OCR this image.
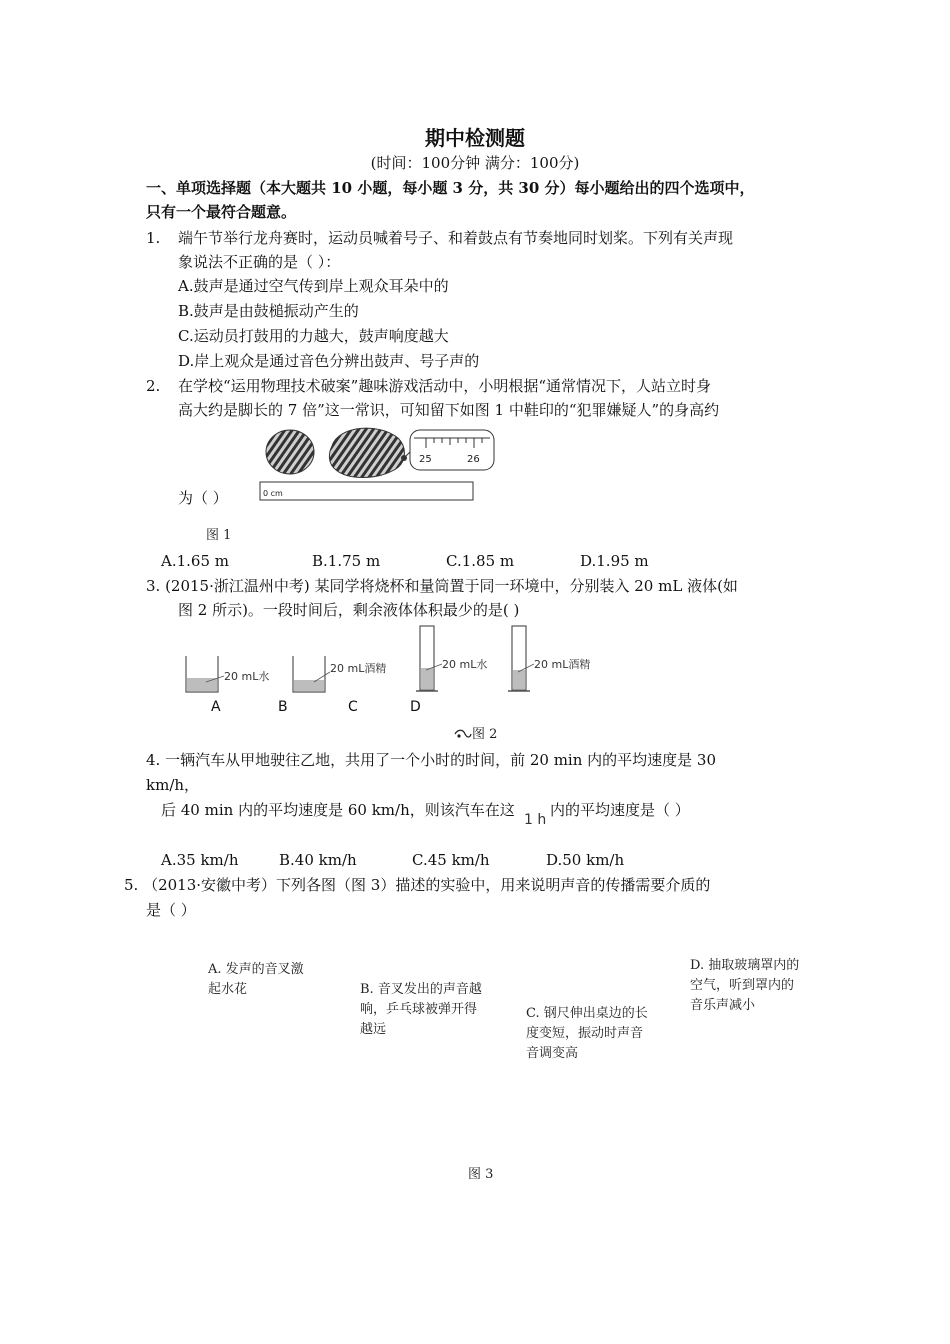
期中检测题
(时间：100分钟 满分：100分)
一、单项选择题（本大题共 10 小题，每小题 3 分，共 30 分）每小题给出的四个选项中，
只有一个最符合题意。
1. 端午节举行龙舟赛时，运动员喊着号子、和着鼓点有节奏地同时划桨。下列有关声现
象说法不正确的是（ ）：
A.鼓声是通过空气传到岸上观众耳朵中的
B.鼓声是由鼓槌振动产生的
C.运动员打鼓用的力越大，鼓声响度越大
D.岸上观众是通过音色分辨出鼓声、号子声的
2. 在学校“运用物理技术破案”趣味游戏活动中，小明根据“通常情况下，人站立时身
高大约是脚长的 7 倍”这一常识，可知留下如图 1 中鞋印的“犯罪嫌疑人”的身高约
为（ ）	0 cm
25	26
图 1
A.1.65 m	B.1.75 m	C.1.85 m	D.1.95 m
3. (2015·浙江温州中考) 某同学将烧杯和量筒置于同一环境中，分别装入 20 mL 液体(如
图 2 所示)。一段时间后，剩余液体体积最少的是( )
20 mL水
20 mL酒精	20 mL水	20 mL酒精
A	B	C	D
图 2
4. 一辆汽车从甲地驶往乙地，共用了一个小时的时间，前 20 min 内的平均速度是 30
km/h，
后 40 min 内的平均速度是 60 km/h，则该汽车在这
1 h
内的平均速度是（ ）
A.35 km/h	B.40 km/h	C.45 km/h	D.50 km/h
5. （2013·安徽中考）下列各图（图 3）描述的实验中，用来说明声音的传播需要介质的
是（ ）
A. 发声的音叉激起水花	B. 音叉发出的声音越响，乒乓球被弹开得越远
C. 钢尺伸出桌边的长度变短，振动时声音音调变高
D. 抽取玻璃罩内的空气，听到罩内的音乐声减小
图 3
